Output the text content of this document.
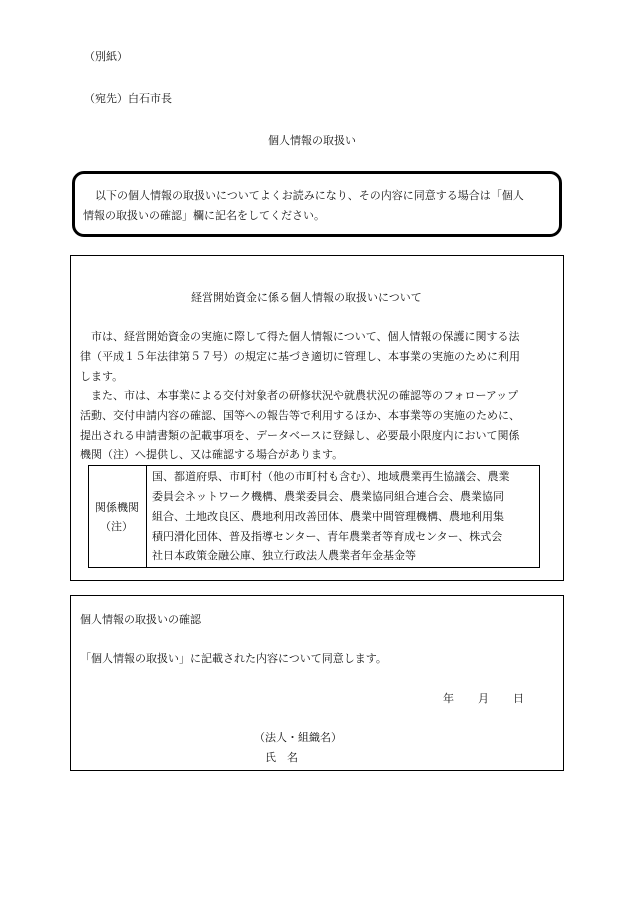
（別紙）
（宛先）白石市長
個人情報の取扱い
以下の個人情報の取扱いについてよくお読みになり、その内容に同意する場合は「個人
情報の取扱いの確認」欄に記名をしてください。
経営開始資金に係る個人情報の取扱いについて
市は、経営開始資金の実施に際して得た個人情報について、個人情報の保護に関する法
律（平成１５年法律第５７号）の規定に基づき適切に管理し、本事業の実施のために利用
します。
また、市は、本事業による交付対象者の研修状況や就農状況の確認等のフォローアップ
活動、交付申請内容の確認、国等への報告等で利用するほか、本事業等の実施のために、
提出される申請書類の記載事項を、データベースに登録し、必要最小限度内において関係
機関（注）へ提供し、又は確認する場合があります。
関係機関
（注）
国、都道府県、市町村（他の市町村も含む）、地域農業再生協議会、農業
委員会ネットワーク機構、農業委員会、農業協同組合連合会、農業協同
組合、土地改良区、農地利用改善団体、農業中間管理機構、農地利用集
積円滑化団体、普及指導センター、青年農業者等育成センター、株式会
社日本政策金融公庫、独立行政法人農業者年金基金等
個人情報の取扱いの確認
「個人情報の取扱い」に記載された内容について同意します。
年 月 日
（法人・組織名）
氏　名
